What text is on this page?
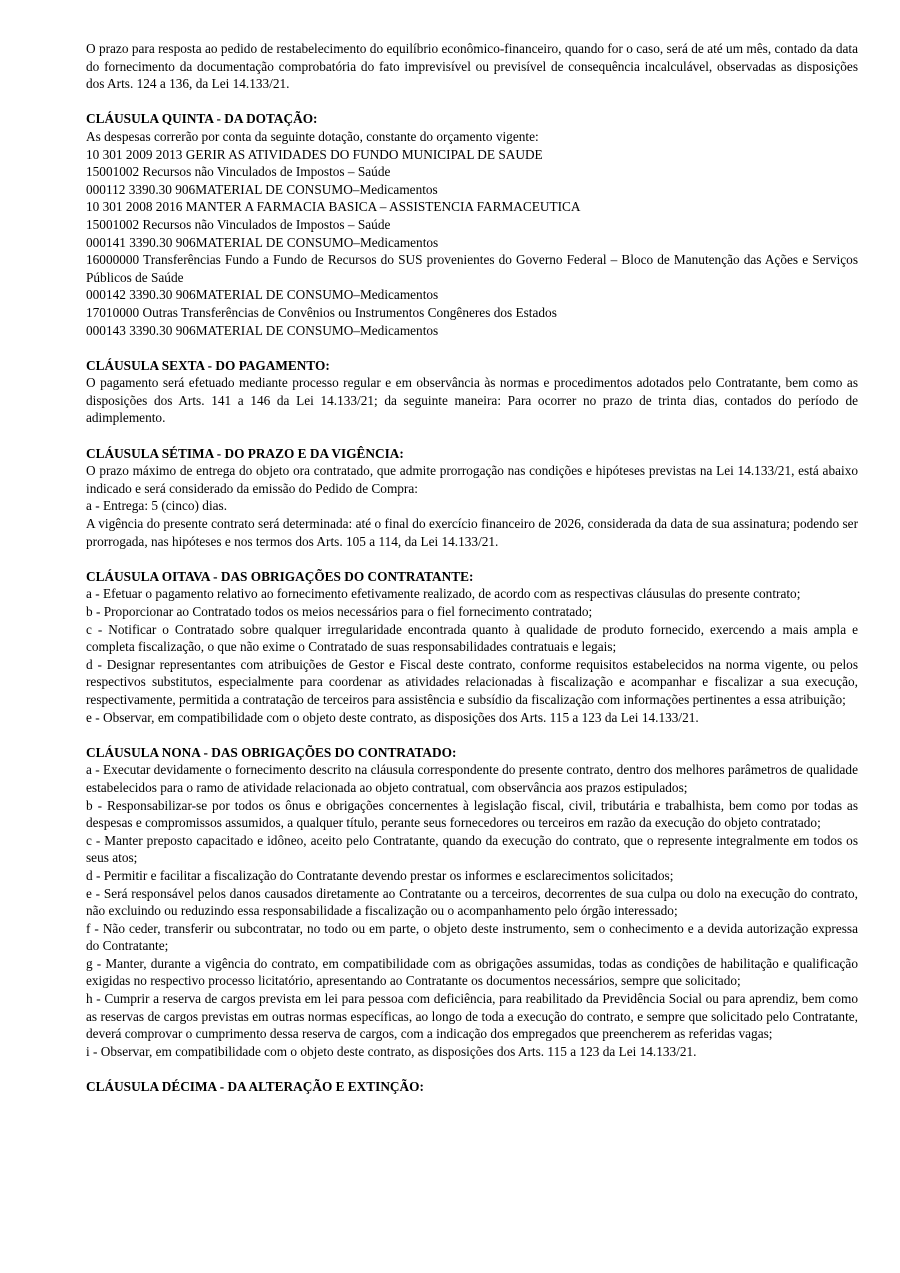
O prazo para resposta ao pedido de restabelecimento do equilíbrio econômico-financeiro, quando for o caso, será de até um mês, contado da data do fornecimento da documentação comprobatória do fato imprevisível ou previsível de consequência incalculável, observadas as disposições dos Arts. 124 a 136, da Lei 14.133/21.

CLÁUSULA QUINTA - DA DOTAÇÃO:

As despesas correrão por conta da seguinte dotação, constante do orçamento vigente:

10 301 2009 2013 GERIR AS ATIVIDADES DO FUNDO MUNICIPAL DE SAUDE

15001002 Recursos não Vinculados de Impostos – Saúde

000112 3390.30 906MATERIAL DE CONSUMO–Medicamentos

10 301 2008 2016 MANTER A FARMACIA BASICA – ASSISTENCIA FARMACEUTICA

15001002 Recursos não Vinculados de Impostos – Saúde

000141 3390.30 906MATERIAL DE CONSUMO–Medicamentos

16000000 Transferências Fundo a Fundo de Recursos do SUS provenientes do Governo Federal – Bloco de Manutenção das Ações e Serviços Públicos de Saúde

000142 3390.30 906MATERIAL DE CONSUMO–Medicamentos

17010000 Outras Transferências de Convênios ou Instrumentos Congêneres dos Estados

000143 3390.30 906MATERIAL DE CONSUMO–Medicamentos

CLÁUSULA SEXTA - DO PAGAMENTO:

O pagamento será efetuado mediante processo regular e em observância às normas e procedimentos adotados pelo Contratante, bem como as disposições dos Arts. 141 a 146 da Lei 14.133/21; da seguinte maneira: Para ocorrer no prazo de trinta dias, contados do período de adimplemento.

CLÁUSULA SÉTIMA - DO PRAZO E DA VIGÊNCIA:

O prazo máximo de entrega do objeto ora contratado, que admite prorrogação nas condições e hipóteses previstas na Lei 14.133/21, está abaixo indicado e será considerado da emissão do Pedido de Compra:

a - Entrega: 5 (cinco) dias.

A vigência do presente contrato será determinada: até o final do exercício financeiro de 2026, considerada da data de sua assinatura; podendo ser prorrogada, nas hipóteses e nos termos dos Arts. 105 a 114, da Lei 14.133/21.

CLÁUSULA OITAVA - DAS OBRIGAÇÕES DO CONTRATANTE:

a - Efetuar o pagamento relativo ao fornecimento efetivamente realizado, de acordo com as respectivas cláusulas do presente contrato;

b - Proporcionar ao Contratado todos os meios necessários para o fiel fornecimento contratado;

c - Notificar o Contratado sobre qualquer irregularidade encontrada quanto à qualidade de produto fornecido, exercendo a mais ampla e completa fiscalização, o que não exime o Contratado de suas responsabilidades contratuais e legais;

d - Designar representantes com atribuições de Gestor e Fiscal deste contrato, conforme requisitos estabelecidos na norma vigente, ou pelos respectivos substitutos, especialmente para coordenar as atividades relacionadas à fiscalização e acompanhar e fiscalizar a sua execução, respectivamente, permitida a contratação de terceiros para assistência e subsídio da fiscalização com informações pertinentes a essa atribuição;

e - Observar, em compatibilidade com o objeto deste contrato, as disposições dos Arts. 115 a 123 da Lei 14.133/21.

CLÁUSULA NONA - DAS OBRIGAÇÕES DO CONTRATADO:

a - Executar devidamente o fornecimento descrito na cláusula correspondente do presente contrato, dentro dos melhores parâmetros de qualidade estabelecidos para o ramo de atividade relacionada ao objeto contratual, com observância aos prazos estipulados;

b - Responsabilizar-se por todos os ônus e obrigações concernentes à legislação fiscal, civil, tributária e trabalhista, bem como por todas as despesas e compromissos assumidos, a qualquer título, perante seus fornecedores ou terceiros em razão da execução do objeto contratado;

c - Manter preposto capacitado e idôneo, aceito pelo Contratante, quando da execução do contrato, que o represente integralmente em todos os seus atos;

d - Permitir e facilitar a fiscalização do Contratante devendo prestar os informes e esclarecimentos solicitados;

e - Será responsável pelos danos causados diretamente ao Contratante ou a terceiros, decorrentes de sua culpa ou dolo na execução do contrato, não excluindo ou reduzindo essa responsabilidade a fiscalização ou o acompanhamento pelo órgão interessado;

f - Não ceder, transferir ou subcontratar, no todo ou em parte, o objeto deste instrumento, sem o conhecimento e a devida autorização expressa do Contratante;

g - Manter, durante a vigência do contrato, em compatibilidade com as obrigações assumidas, todas as condições de habilitação e qualificação exigidas no respectivo processo licitatório, apresentando ao Contratante os documentos necessários, sempre que solicitado;

h - Cumprir a reserva de cargos prevista em lei para pessoa com deficiência, para reabilitado da Previdência Social ou para aprendiz, bem como as reservas de cargos previstas em outras normas específicas, ao longo de toda a execução do contrato, e sempre que solicitado pelo Contratante, deverá comprovar o cumprimento dessa reserva de cargos, com a indicação dos empregados que preencherem as referidas vagas;

i - Observar, em compatibilidade com o objeto deste contrato, as disposições dos Arts. 115 a 123 da Lei 14.133/21.

CLÁUSULA DÉCIMA - DA ALTERAÇÃO E EXTINÇÃO:
